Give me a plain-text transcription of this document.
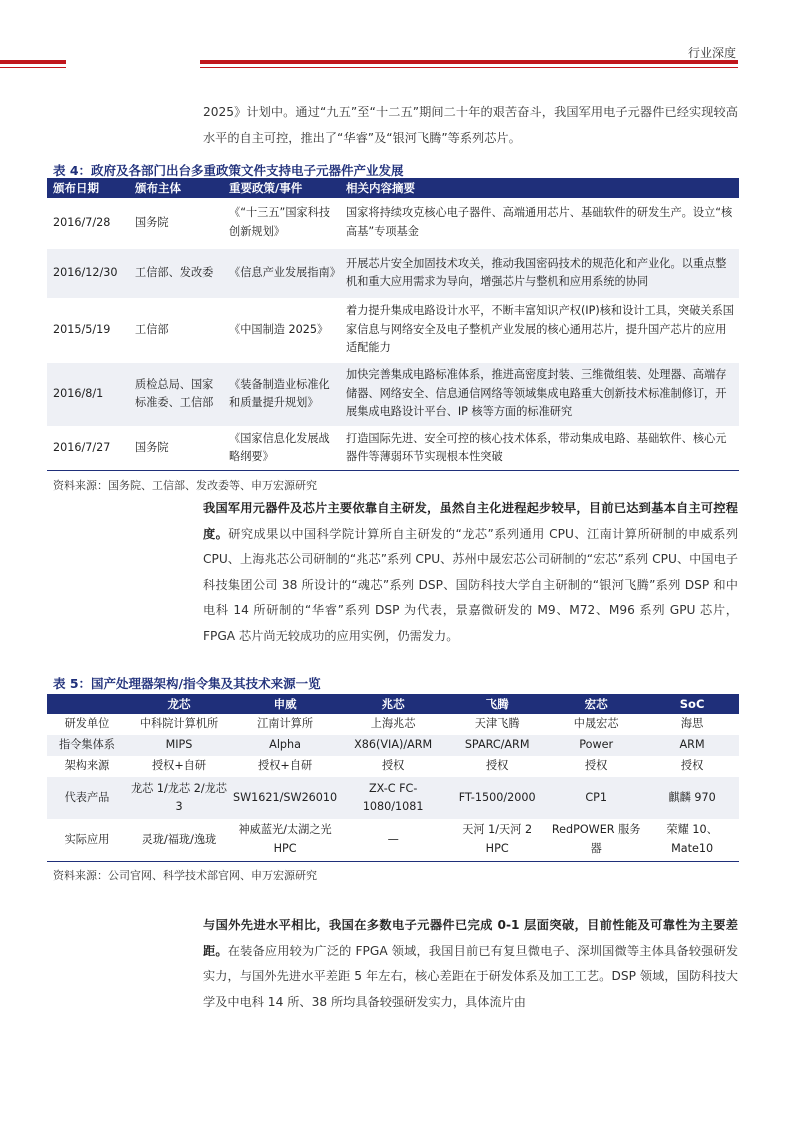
行业深度
2025》计划中。通过“九五”至“十二五”期间二十年的艰苦奋斗，我国军用电子元器件已经实现较高水平的自主可控，推出了“华睿”及“银河飞腾”等系列芯片。
表 4：政府及各部门出台多重政策文件支持电子元器件产业发展
颁布日期	颁布主体	重要政策/事件	相关内容摘要
2016/7/28	国务院	《“十三五”国家科技创新规划》	国家将持续攻克核心电子器件、高端通用芯片、基础软件的研发生产。设立“核高基”专项基金
2016/12/30	工信部、发改委	《信息产业发展指南》	开展芯片安全加固技术攻关，推动我国密码技术的规范化和产业化。以重点整机和重大应用需求为导向，增强芯片与整机和应用系统的协同
2015/5/19	工信部	《中国制造 2025》	着力提升集成电路设计水平，不断丰富知识产权(IP)核和设计工具，突破关系国家信息与网络安全及电子整机产业发展的核心通用芯片，提升国产芯片的应用适配能力
2016/8/1	质检总局、国家标准委、工信部	《装备制造业标准化和质量提升规划》	加快完善集成电路标准体系，推进高密度封装、三维微组装、处理器、高端存储器、网络安全、信息通信网络等领域集成电路重大创新技术标准制修订，开展集成电路设计平台、IP 核等方面的标准研究
2016/7/27	国务院	《国家信息化发展战略纲要》	打造国际先进、安全可控的核心技术体系，带动集成电路、基础软件、核心元器件等薄弱环节实现根本性突破
资料来源：国务院、工信部、发改委等、申万宏源研究
我国军用元器件及芯片主要依靠自主研发，虽然自主化进程起步较早，目前已达到基本自主可控程度。研究成果以中国科学院计算所自主研发的“龙芯”系列通用 CPU、江南计算所研制的申威系列 CPU、上海兆芯公司研制的“兆芯”系列 CPU、苏州中晟宏芯公司研制的“宏芯”系列 CPU、中国电子科技集团公司 38 所设计的“魂芯”系列 DSP、国防科技大学自主研制的“银河飞腾”系列 DSP 和中电科 14 所研制的“华睿”系列 DSP 为代表，景嘉微研发的 M9、M72、M96 系列 GPU 芯片，FPGA 芯片尚无较成功的应用实例，仍需发力。
表 5：国产处理器架构/指令集及其技术来源一览
	龙芯	申威	兆芯	飞腾	宏芯	SoC
研发单位	中科院计算机所	江南计算所	上海兆芯	天津飞腾	中晟宏芯	海思
指令集体系	MIPS	Alpha	X86(VIA)/ARM	SPARC/ARM	Power	ARM
架构来源	授权+自研	授权+自研	授权	授权	授权	授权
代表产品	龙芯 1/龙芯 2/龙芯 3	SW1621/SW26010	ZX-C FC-1080/1081	FT-1500/2000	CP1	麒麟 970
实际应用	灵珑/福珑/逸珑	神威蓝光/太湖之光 HPC	—	天河 1/天河 2 HPC	RedPOWER 服务器	荣耀 10、Mate10
资料来源：公司官网、科学技术部官网、申万宏源研究
与国外先进水平相比，我国在多数电子元器件已完成 0-1 层面突破，目前性能及可靠性为主要差距。在装备应用较为广泛的 FPGA 领域，我国目前已有复旦微电子、深圳国微等主体具备较强研发实力，与国外先进水平差距 5 年左右，核心差距在于研发体系及加工工艺。DSP 领域，国防科技大学及中电科 14 所、38 所均具备较强研发实力，具体流片由
